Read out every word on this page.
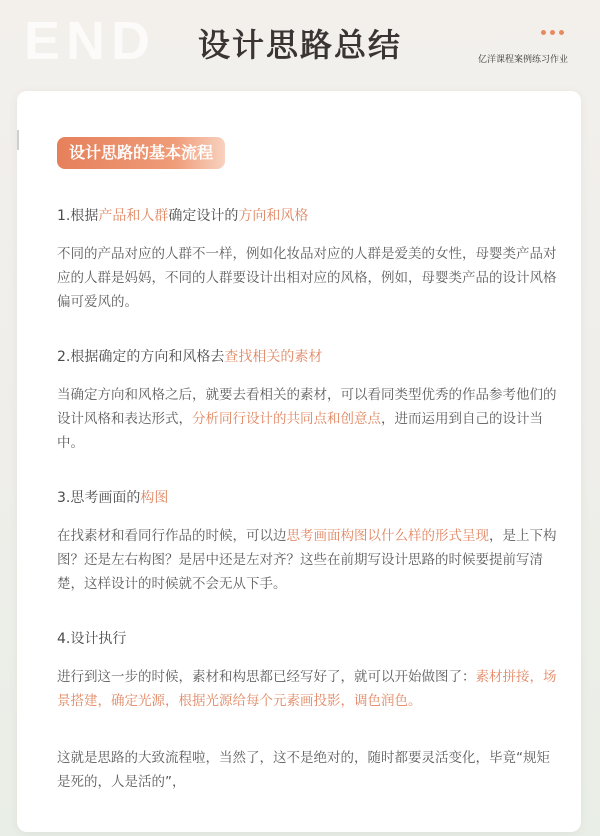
END	设计思路总结	亿洋课程案例练习作业
设计思路的基本流程
1.根据产品和人群确定设计的方向和风格
不同的产品对应的人群不一样，例如化妆品对应的人群是爱美的女性，母婴类产品对应的人群是妈妈，不同的人群要设计出相对应的风格，例如，母婴类产品的设计风格偏可爱风的。
2.根据确定的方向和风格去查找相关的素材
当确定方向和风格之后，就要去看相关的素材，可以看同类型优秀的作品参考他们的设计风格和表达形式，分析同行设计的共同点和创意点，进而运用到自己的设计当中。
3.思考画面的构图
在找素材和看同行作品的时候，可以边思考画面构图以什么样的形式呈现，是上下构图？还是左右构图？是居中还是左对齐？这些在前期写设计思路的时候要提前写清楚，这样设计的时候就不会无从下手。
4.设计执行
进行到这一步的时候，素材和构思都已经写好了，就可以开始做图了：素材拼接，场景搭建，确定光源，根据光源给每个元素画投影，调色润色。
这就是思路的大致流程啦，当然了，这不是绝对的，随时都要灵活变化，毕竟“规矩是死的，人是活的”，
